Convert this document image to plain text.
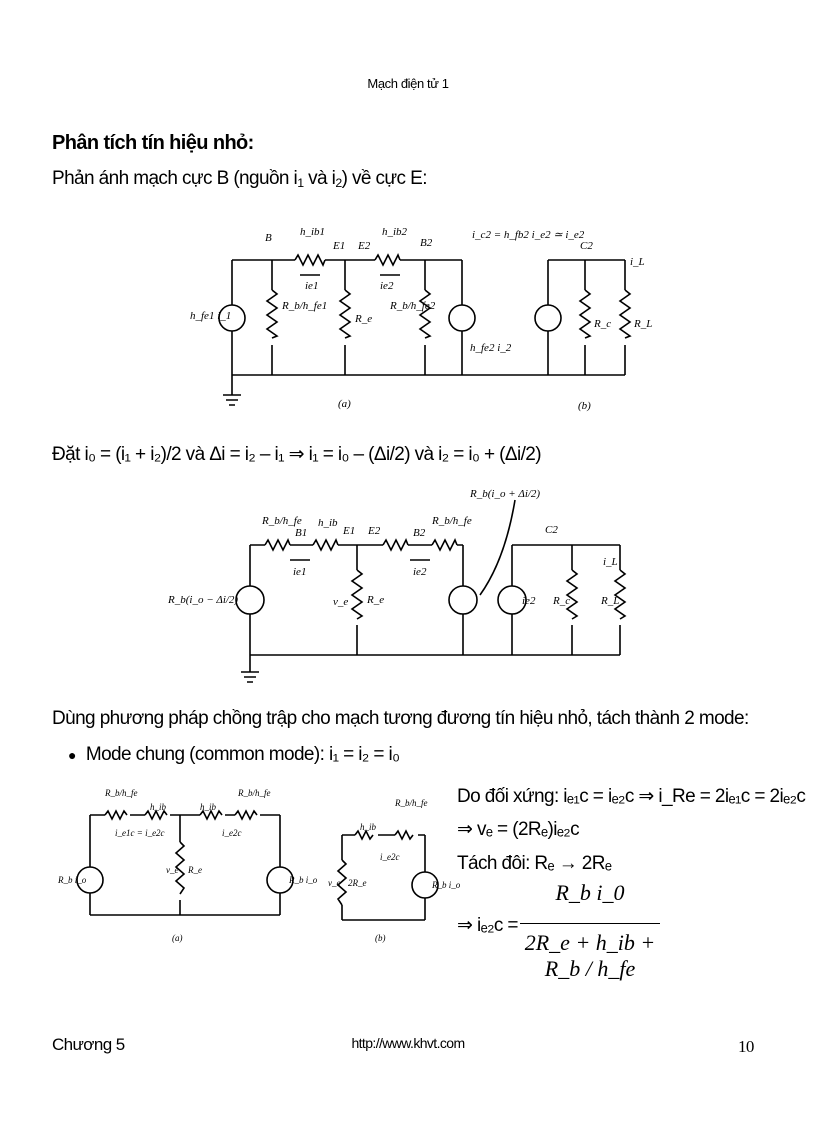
Mạch điện tử 1
Phân tích tín hiệu nhỏ:
Phản ánh mạch cực B (nguồn $i_1$ và $i_2$) về cực E:
Đặt i₀ = (i₁ + i₂)/2 và Δi = i₂ – i₁ ⇒ i₁ = i₀ – (Δi/2) và i₂ = i₀ + (Δi/2)
Dùng phương pháp chồng trập cho mạch tương đương tín hiệu nhỏ, tách thành 2 mode:
● Mode chung (common mode): i₁ = i₂ = i₀
Do đối xứng: iₑ₁c = iₑ₂c ⇒ i_Re = 2iₑ₁c = 2iₑ₂c
⇒ vₑ = (2Rₑ)iₑ₂c
Tách đôi: Rₑ → 2Rₑ
⇒ iₑ₂c =
R_b i_0
2R_e + h_ib + R_b / h_fe
Chương 5	http://www.khvt.com	10
B	h_ib1
E1 E2
h_ib2
B2
ie1	ie2
h_fe1 i_1
R_b/h_fe1
R_e
R_b/h_fe2
h_fe2 i_2
i_c2 = h_fb2 i_e2 ≃ i_e2
C2
i_L
R_c R_L
(a)	(b)
R_b/h_fe
B1
h_ib
E1 E2	B2
R_b/h_fe
ie1	ie2
v_e R_e
R_b(i_o − Δi/2)
R_b(i_o + Δi/2)
C2
ie2 R_c	R_L
i_L
R_b/h_fe
h_ib	h_ib
R_b/h_fe
i_e1c = i_e2c	i_e2c
v_e R_e
R_b i_o	R_b i_o
(a)	(b)
h_ib
R_b/h_fe
i_e2c
2R_e
v_e	R_b i_o
